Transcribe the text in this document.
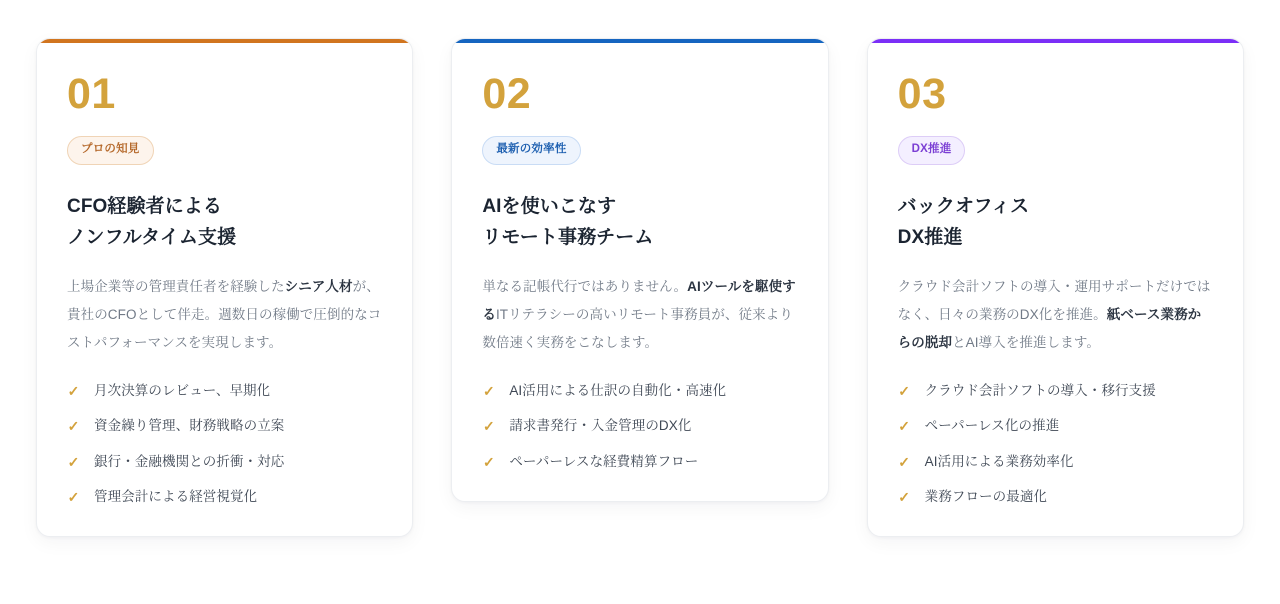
01
プロの知見
CFO経験者による
ノンフルタイム支援

上場企業等の管理責任者を経験したシニア人材が、貴社のCFOとして伴走。週数日の稼働で圧倒的なコストパフォーマンスを実現します。

✓ 月次決算のレビュー、早期化
✓ 資金繰り管理、財務戦略の立案
✓ 銀行・金融機関との折衝・対応
✓ 管理会計による経営視覚化
02
最新の効率性
AIを使いこなす
リモート事務チーム

単なる記帳代行ではありません。AIツールを駆使するITリテラシーの高いリモート事務員が、従来より数倍速く実務をこなします。

✓ AI活用による仕訳の自動化・高速化
✓ 請求書発行・入金管理のDX化
✓ ペーパーレスな経費精算フロー
03
DX推進
バックオフィス
DX推進

クラウド会計ソフトの導入・運用サポートだけではなく、日々の業務のDX化を推進。紙ベース業務からの脱却とAI導入を推進します。

✓ クラウド会計ソフトの導入・移行支援
✓ ペーパーレス化の推進
✓ AI活用による業務効率化
✓ 業務フローの最適化
